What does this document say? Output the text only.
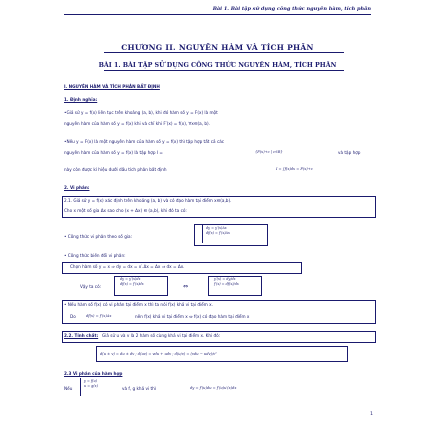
Bài 1. Bài tập sử dụng công thức nguyên hàm, tích phân
CHƯƠNG II. NGUYÊN HÀM VÀ TÍCH PHÂN
BÀI 1. BÀI TẬP SỬ DỤNG CÔNG THỨC NGUYÊN HÀM, TÍCH PHÂN
I. NGUYÊN HÀM VÀ TÍCH PHÂN BẤT ĐỊNH
1. Định nghĩa:
•Giả sử y = f(x) liên tục trên khoảng (a, b), khi đó hàm số y = F(x) là một
nguyên hàm của hàm số y = f(x) khi và chỉ khi F′(x) = f(x), ∀x∈(a, b).
•Nếu y = F(x) là một nguyên hàm của hàm số y = f(x) thì tập hợp tất cả các
nguyên hàm của hàm số y = f(x) là tập hợp I =	{F(x)+c | c∈R}	và tập hợp
này còn được kí hiệu dưới dấu tích phân bất định	I = ∫f(x)dx = F(x)+c
2. Vi phân:
2.1. Giả sử y = f(x) xác định trên khoảng (a, b) và có đạo hàm tại điểm x∈(a,b).
Cho x một số gia Δx sao cho (x + Δx) ∈ (a,b), khi đó ta có:
• Công thức vi phân theo số gia:
dy = y′(x)Δx
df(x) = f′(x)Δx
• Công thức biến đổi vi phân:
Chọn hàm số y = x ⇒ dy = dx = x′.Δx = Δx ⇒ dx = Δx.
Vậy ta có:
dy = y′(x)dx
df(x) = f′(x)dx	⇔
y′(x) = dy/dx
f′(x) = df(x)/dx
• Nếu hàm số f(x) có vi phân tại điểm x thì ta nói f(x) khả vi tại điểm x.
Do	df(x) = f′(x)Δx	nên f(x) khả vi tại điểm x ⇔ f(x) có đạo hàm tại điểm x
2.2. Tính chất: Giả sử u và v là 2 hàm số cùng khả vi tại điểm x. Khi đó:
d(u ± v) = du ± dv ; d(uv) = vdu + udv ; d(u/v) = (vdu − udv)/v²
2.3 Vi phân của hàm hợp
Nếu
y = f(u)
u = g(x)
và f, g khả vi thì	dy = f′(u)du = f′(u)u′(x)dx
1
